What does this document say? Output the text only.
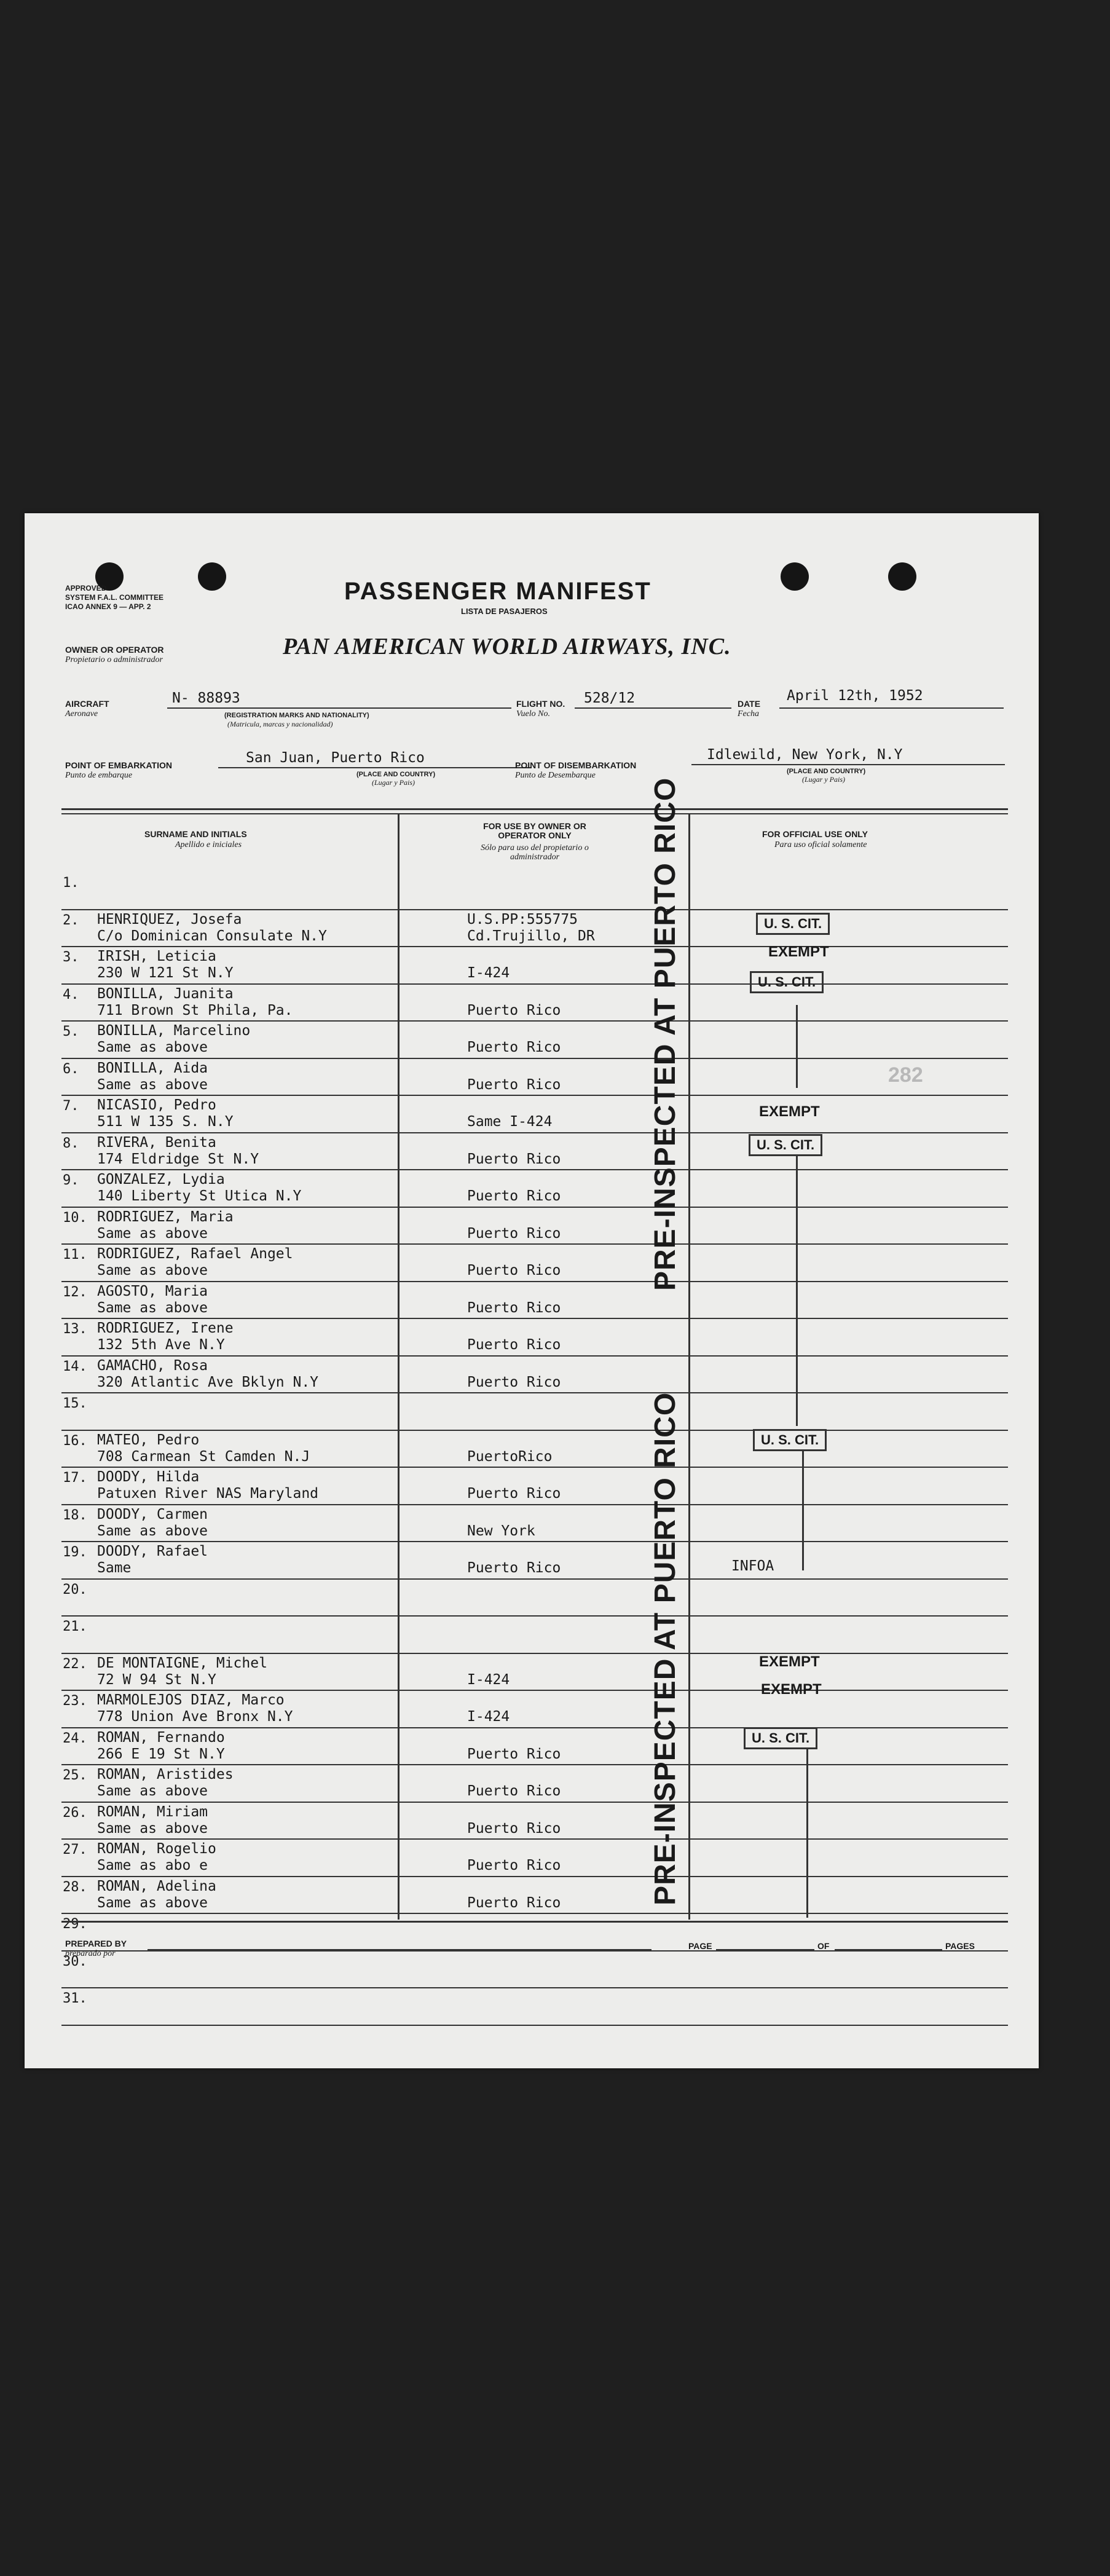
APPROVED
SYSTEM F.A.L. COMMITTEE
ICAO ANNEX 9 — APP. 2
PASSENGER MANIFEST
LISTA DE PASAJEROS
OWNER OR OPERATOR
Propietario o administrador
PAN AMERICAN WORLD AIRWAYS, INC.
AIRCRAFT
Aeronave
N- 88893
(REGISTRATION MARKS AND NATIONALITY)
(Matricula, marcas y nacionalidad)
FLIGHT NO.
Vuelo No.
528/12	DATE
Fecha
April 12th, 1952
POINT OF EMBARKATION
Punto de embarque
San Juan, Puerto Rico
(PLACE AND COUNTRY)
(Lugar y Pais)
POINT OF DISEMBARKATION
Punto de Desembarque
Idlewild, New York, N.Y
(PLACE AND COUNTRY)
(Lugar y Pais)
SURNAME AND INITIALS
Apellido e iniciales
FOR USE BY OWNER OR OPERATOR ONLY
Sólo para uso del propietario o administrador
FOR OFFICIAL USE ONLY
Para uso oficial solamente
1.
2. HENRIQUEZ, Josefa
C/o Dominican Consulate N.Y
U.S.PP:555775
Cd.Trujillo, DR
3. IRISH, Leticia
230 W 121 St N.Y	I-424
4. BONILLA, Juanita
711 Brown St Phila, Pa.	Puerto Rico
5. BONILLA, Marcelino
Same as above	Puerto Rico
6. BONILLA, Aida
Same as above	Puerto Rico
7. NICASIO, Pedro
511 W 135 S. N.Y	Same I-424
8. RIVERA, Benita
174 Eldridge St N.Y	Puerto Rico
9. GONZALEZ, Lydia
140 Liberty St Utica N.Y	Puerto Rico
10. RODRIGUEZ, Maria
Same as above	Puerto Rico
11. RODRIGUEZ, Rafael Angel
Same as above	Puerto Rico
12. AGOSTO, Maria
Same as above	Puerto Rico
13. RODRIGUEZ, Irene
132 5th Ave N.Y	Puerto Rico
14. GAMACHO, Rosa
320 Atlantic Ave Bklyn N.Y	Puerto Rico
15.
16. MATEO, Pedro
708 Carmean St Camden N.J	PuertoRico
17. DOODY, Hilda
Patuxen River NAS Maryland	Puerto Rico
18. DOODY, Carmen
Same as above	New York
19. DOODY, Rafael
Same	Puerto Rico
20.
21.
22. DE MONTAIGNE, Michel
72 W 94 St N.Y	I-424
23. MARMOLEJOS DIAZ, Marco
778 Union Ave Bronx N.Y	I-424
24. ROMAN, Fernando
266 E 19 St N.Y	Puerto Rico
25. ROMAN, Aristides
Same as above	Puerto Rico
26. ROMAN, Miriam
Same as above	Puerto Rico
27. ROMAN, Rogelio
Same as abo e	Puerto Rico
28. ROMAN, Adelina
Same as above	Puerto Rico
29.
30.
31.
PRE-INSPECTED AT PUERTO RICO
PRE-INSPECTED AT PUERTO RICO
U. S. CIT.
EXEMPT
U. S. CIT.
282
EXEMPT
U. S. CIT.
U. S. CIT.
INFOA
EXEMPT
EXEMPT
U. S. CIT.
PREPARED BY
preparado por
PAGE	OF	PAGES
